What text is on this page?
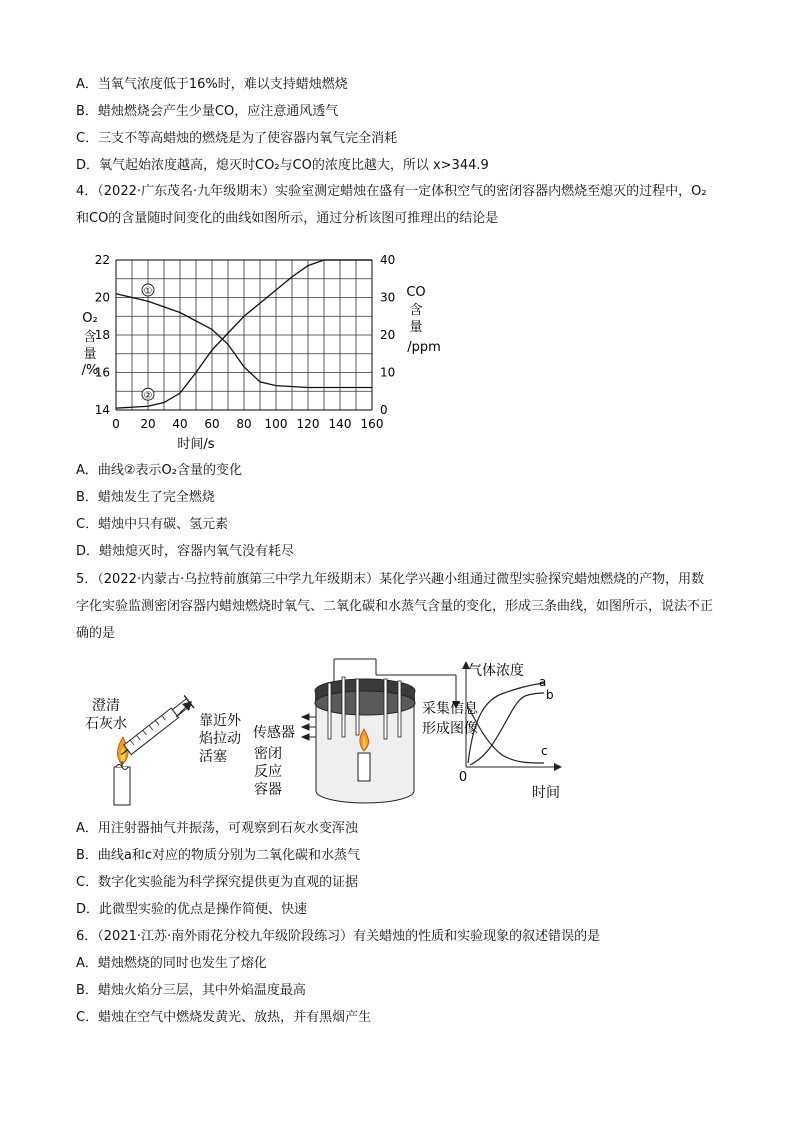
A．当氧气浓度低于16%时，难以支持蜡烛燃烧
B．蜡烛燃烧会产生少量CO，应注意通风透气
C．三支不等高蜡烛的燃烧是为了使容器内氧气完全消耗
D．氧气起始浓度越高，熄灭时CO₂与CO的浓度比越大，所以 x>344.9
4．（2022·广东茂名·九年级期末）实验室测定蜡烛在盛有一定体积空气的密闭容器内燃烧至熄灭的过程中，O₂和CO的含量随时间变化的曲线如图所示，通过分析该图可推理出的结论是
0 20 40 60 80 100 120 140 160
14
16
18
20
22
0
10
20
30
40
①
②
时间/s
O₂
含
量
/%
CO
含
量
/ppm
A．曲线②表示O₂含量的变化
B．蜡烛发生了完全燃烧
C．蜡烛中只有碳、氢元素
D．蜡烛熄灭时，容器内氧气没有耗尽
5．（2022·内蒙古·乌拉特前旗第三中学九年级期末）某化学兴趣小组通过微型实验探究蜡烛燃烧的产物，用数字化实验监测密闭容器内蜡烛燃烧时氧气、二氧化碳和水蒸气含量的变化，形成三条曲线，如图所示，说法不正确的是
澄清
石灰水	靠近外
焰拉动
活塞
传感器
密闭
反应
容器
采集信息
形成图像
气体浓度
时间
0
a
b
c
A．用注射器抽气并振荡，可观察到石灰水变浑浊
B．曲线a和c对应的物质分别为二氧化碳和水蒸气
C．数字化实验能为科学探究提供更为直观的证据
D．此微型实验的优点是操作简便、快速
6．（2021·江苏·南外雨花分校九年级阶段练习）有关蜡烛的性质和实验现象的叙述错误的是
A．蜡烛燃烧的同时也发生了熔化
B．蜡烛火焰分三层，其中外焰温度最高
C．蜡烛在空气中燃烧发黄光、放热，并有黑烟产生
